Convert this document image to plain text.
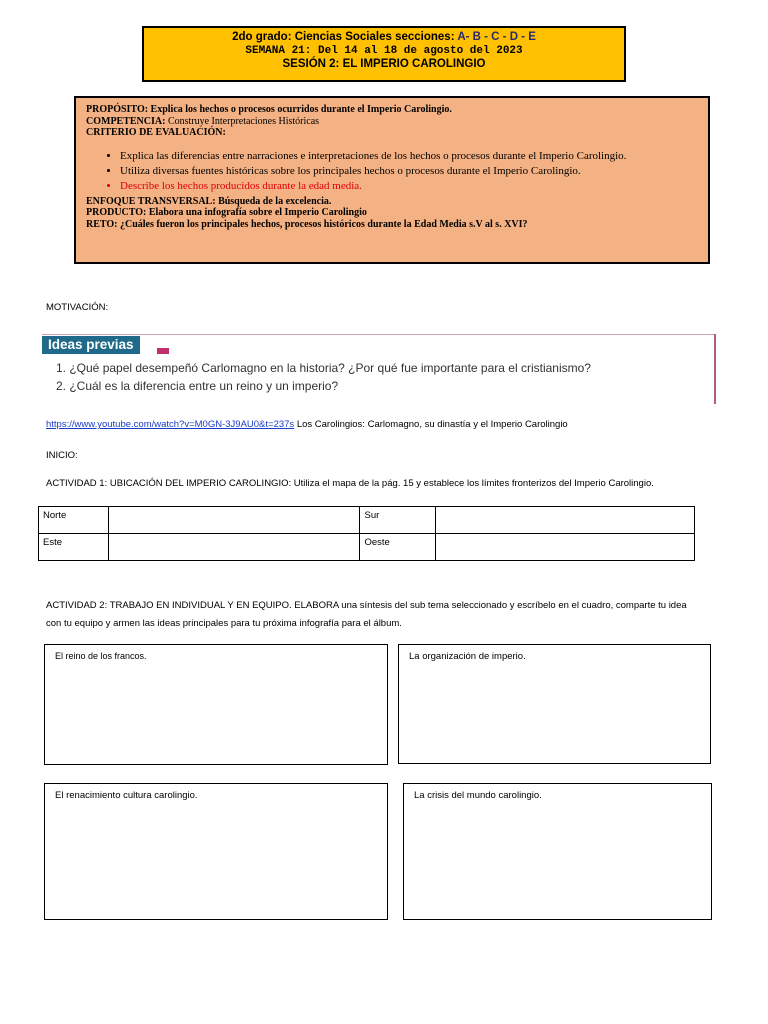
2do grado: Ciencias Sociales secciones: A- B - C - D - E
SEMANA 21: Del 14 al 18 de agosto del 2023
SESIÓN 2: EL IMPERIO CAROLINGIO
PROPÓSITO: Explica los hechos o procesos ocurridos durante el Imperio Carolingio.
COMPETENCIA: Construye Interpretaciones Históricas
CRITERIO DE EVALUACIÓN:
• Explica las diferencias entre narraciones e interpretaciones de los hechos o procesos durante el Imperio Carolingio.
• Utiliza diversas fuentes históricas sobre los principales hechos o procesos durante el Imperio Carolingio.
• Describe los hechos producidos durante la edad media.
ENFOQUE TRANSVERSAL: Búsqueda de la excelencia.
PRODUCTO: Elabora una infografía sobre el Imperio Carolingio
RETO: ¿Cuáles fueron los principales hechos, procesos históricos durante la Edad Media s.V al s. XVI?
MOTIVACIÓN:
Ideas previas
1. ¿Qué papel desempeñó Carlomagno en la historia? ¿Por qué fue importante para el cristianismo?
2. ¿Cuál es la diferencia entre un reino y un imperio?
https://www.youtube.com/watch?v=M0GN-3J9AU0&t=237s Los Carolingios: Carlomagno, su dinastía y el Imperio Carolingio
INICIO:
ACTIVIDAD 1: UBICACIÓN DEL IMPERIO CAROLINGIO: Utiliza el mapa de la pág. 15 y establece los límites fronterizos del Imperio Carolingio.
Norte		Sur	
Este		Oeste	
ACTIVIDAD 2: TRABAJO EN INDIVIDUAL Y EN EQUIPO. ELABORA una síntesis del sub tema seleccionado y escríbelo en el cuadro, comparte tu idea
con tu equipo y armen las ideas principales para tu próxima infografía para el álbum.
El reino de los francos.	La organización de imperio.
El renacimiento cultura carolingio.	La crisis del mundo carolingio.
